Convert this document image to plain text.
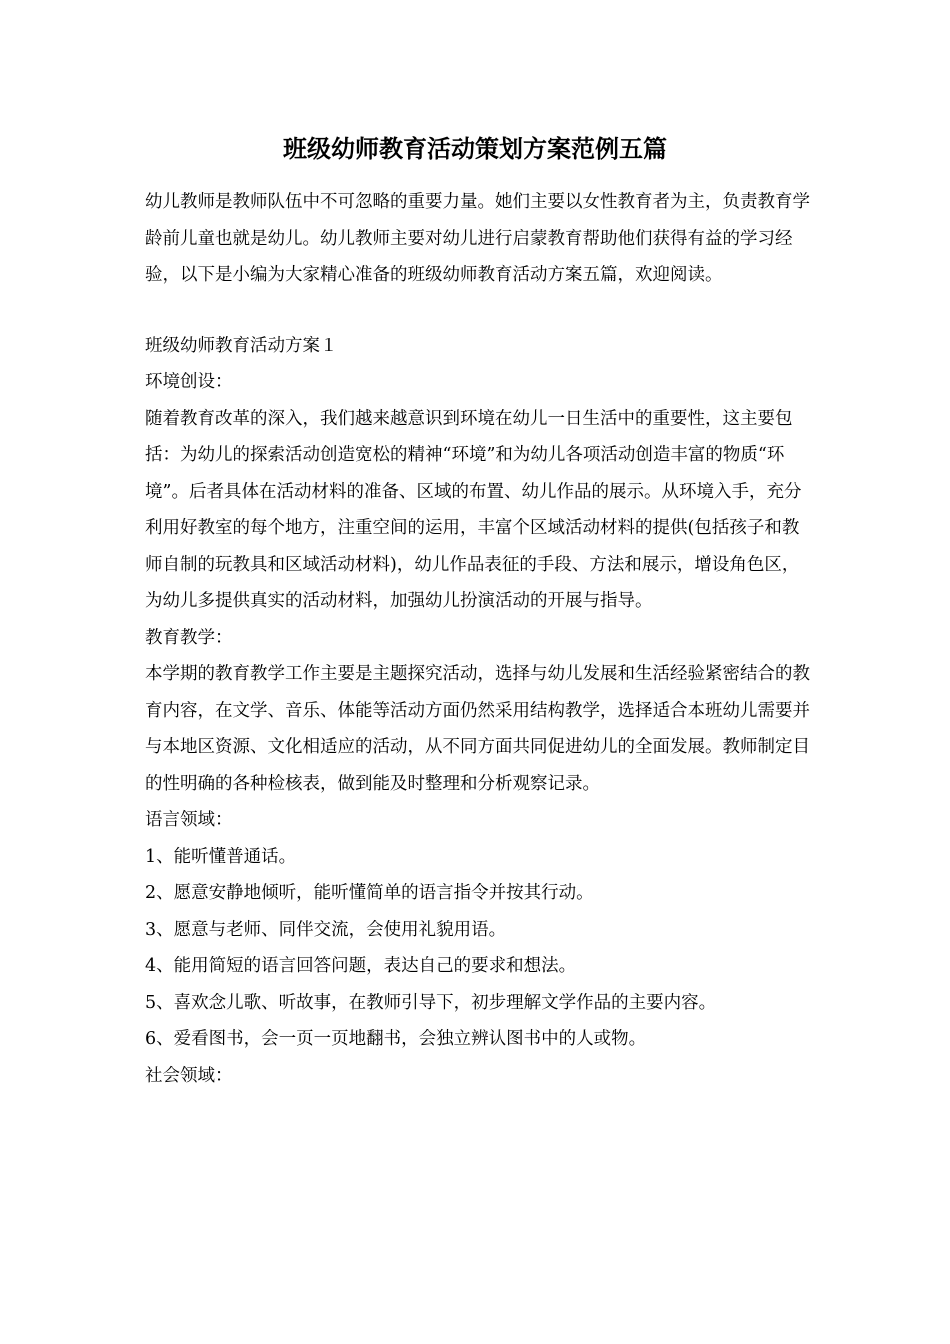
班级幼师教育活动策划方案范例五篇

幼儿教师是教师队伍中不可忽略的重要力量。她们主要以女性教育者为主，负责教育学龄前儿童也就是幼儿。幼儿教师主要对幼儿进行启蒙教育帮助他们获得有益的学习经验，以下是小编为大家精心准备的班级幼师教育活动方案五篇，欢迎阅读。

班级幼师教育活动方案１

环境创设：

随着教育改革的深入，我们越来越意识到环境在幼儿一日生活中的重要性，这主要包括：为幼儿的探索活动创造宽松的精神“环境”和为幼儿各项活动创造丰富的物质“环境”。后者具体在活动材料的准备、区域的布置、幼儿作品的展示。从环境入手，充分利用好教室的每个地方，注重空间的运用，丰富个区域活动材料的提供(包括孩子和教师自制的玩教具和区域活动材料)，幼儿作品表征的手段、方法和展示，增设角色区，为幼儿多提供真实的活动材料，加强幼儿扮演活动的开展与指导。

教育教学：

本学期的教育教学工作主要是主题探究活动，选择与幼儿发展和生活经验紧密结合的教育内容，在文学、音乐、体能等活动方面仍然采用结构教学，选择适合本班幼儿需要并与本地区资源、文化相适应的活动，从不同方面共同促进幼儿的全面发展。教师制定目的性明确的各种检核表，做到能及时整理和分析观察记录。

语言领域：

1、能听懂普通话。

2、愿意安静地倾听，能听懂简单的语言指令并按其行动。

3、愿意与老师、同伴交流，会使用礼貌用语。

4、能用简短的语言回答问题，表达自己的要求和想法。

5、喜欢念儿歌、听故事，在教师引导下，初步理解文学作品的主要内容。

6、爱看图书，会一页一页地翻书，会独立辨认图书中的人或物。

社会领域：
